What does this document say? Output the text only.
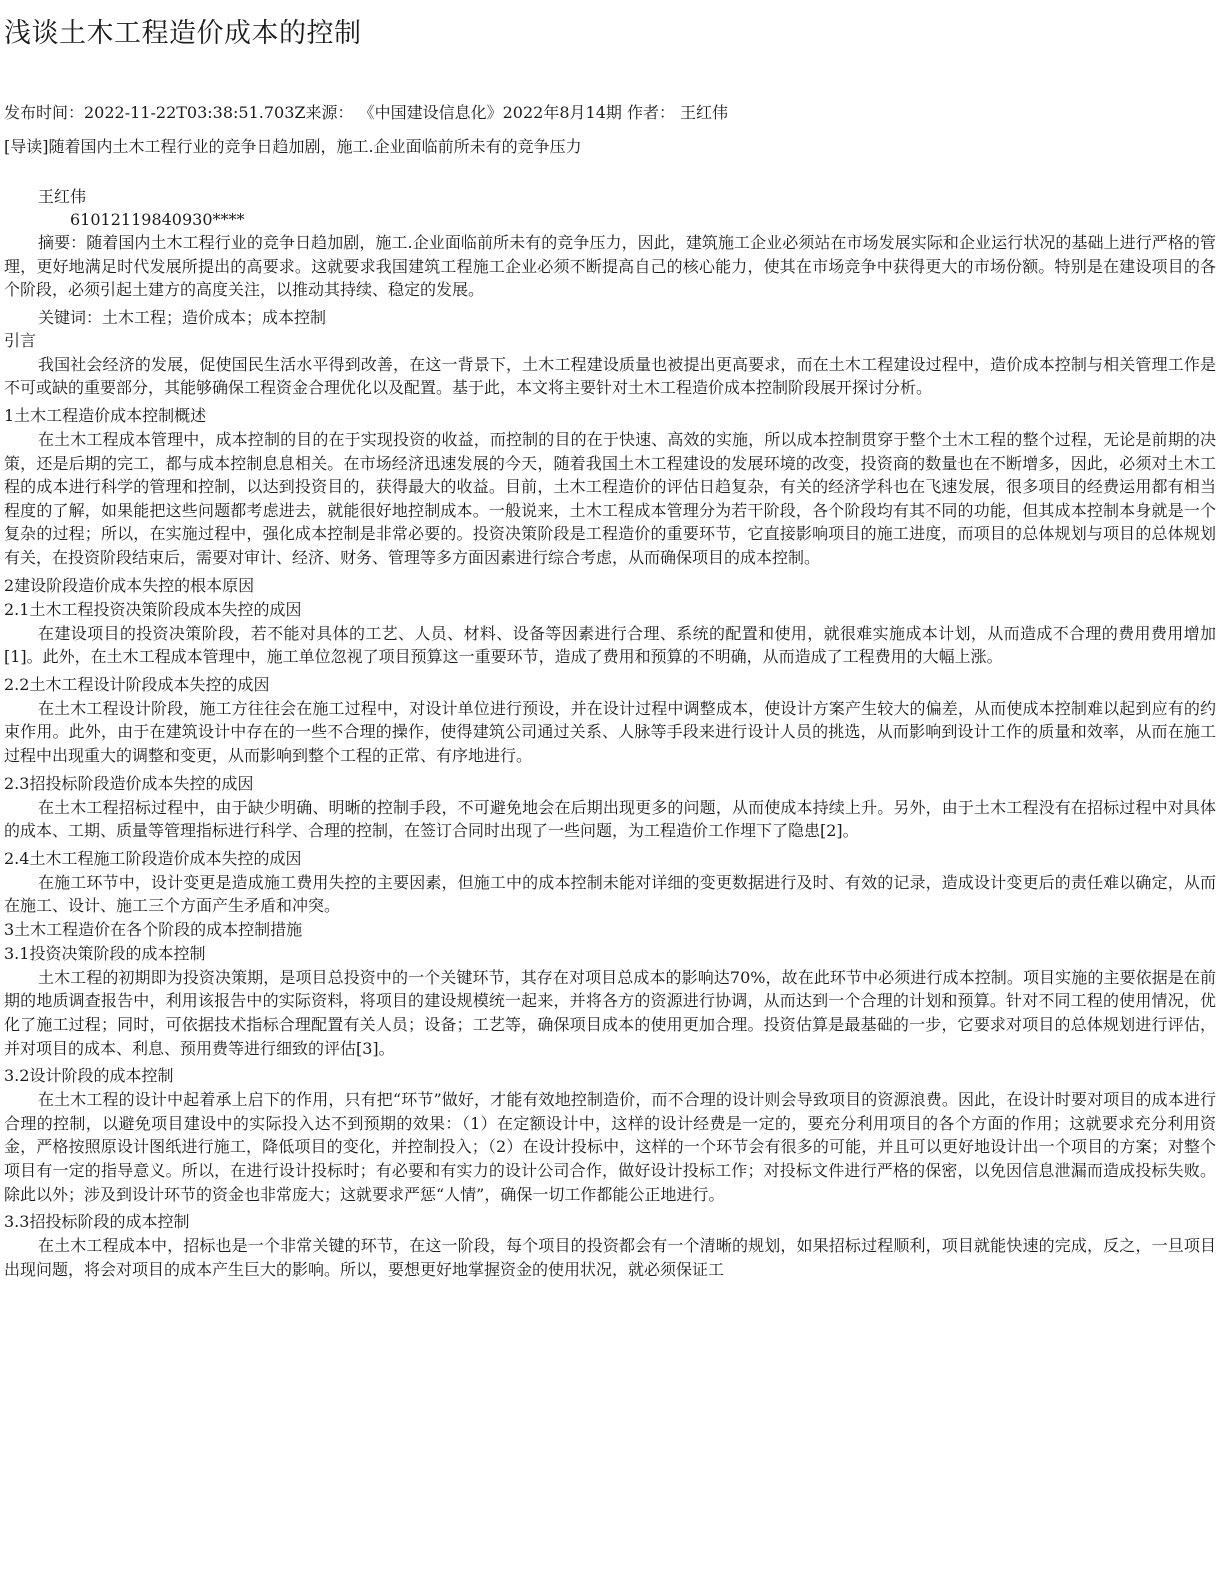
浅谈土木工程造价成本的控制
发布时间：2022-11-22T03:38:51.703Z来源： 《中国建设信息化》2022年8月14期 作者： 王红伟
[导读]随着国内土木工程行业的竞争日趋加剧，施工.企业面临前所未有的竞争压力
王红伟
61012119840930****

摘要：随着国内土木工程行业的竞争日趋加剧，施工.企业面临前所未有的竞争压力，因此，建筑施工企业必须站在市场发展实际和企业运行状况的基础上进行严格的管理，更好地满足时代发展所提出的高要求。这就要求我国建筑工程施工企业必须不断提高自己的核心能力，使其在市场竞争中获得更大的市场份额。特别是在建设项目的各个阶段，必须引起土建方的高度关注，以推动其持续、稳定的发展。

关键词：土木工程；造价成本；成本控制

引言

我国社会经济的发展，促使国民生活水平得到改善，在这一背景下，土木工程建设质量也被提出更高要求，而在土木工程建设过程中，造价成本控制与相关管理工作是不可或缺的重要部分，其能够确保工程资金合理优化以及配置。基于此，本文将主要针对土木工程造价成本控制阶段展开探讨分析。

1土木工程造价成本控制概述

在土木工程成本管理中，成本控制的目的在于实现投资的收益，而控制的目的在于快速、高效的实施，所以成本控制贯穿于整个土木工程的整个过程，无论是前期的决策，还是后期的完工，都与成本控制息息相关。在市场经济迅速发展的今天，随着我国土木工程建设的发展环境的改变，投资商的数量也在不断增多，因此，必须对土木工程的成本进行科学的管理和控制，以达到投资目的，获得最大的收益。目前，土木工程造价的评估日趋复杂，有关的经济学科也在飞速发展，很多项目的经费运用都有相当程度的了解，如果能把这些问题都考虑进去，就能很好地控制成本。一般说来，土木工程成本管理分为若干阶段，各个阶段均有其不同的功能，但其成本控制本身就是一个复杂的过程；所以，在实施过程中，强化成本控制是非常必要的。投资决策阶段是工程造价的重要环节，它直接影响项目的施工进度，而项目的总体规划与项目的总体规划有关，在投资阶段结束后，需要对审计、经济、财务、管理等多方面因素进行综合考虑，从而确保项目的成本控制。

2建设阶段造价成本失控的根本原因
2.1土木工程投资决策阶段成本失控的成因

在建设项目的投资决策阶段，若不能对具体的工艺、人员、材料、设备等因素进行合理、系统的配置和使用，就很难实施成本计划，从而造成不合理的费用费用增加[1]。此外，在土木工程成本管理中，施工单位忽视了项目预算这一重要环节，造成了费用和预算的不明确，从而造成了工程费用的大幅上涨。

2.2土木工程设计阶段成本失控的成因

在土木工程设计阶段，施工方往往会在施工过程中，对设计单位进行预设，并在设计过程中调整成本，使设计方案产生较大的偏差，从而使成本控制难以起到应有的约束作用。此外，由于在建筑设计中存在的一些不合理的操作，使得建筑公司通过关系、人脉等手段来进行设计人员的挑选，从而影响到设计工作的质量和效率，从而在施工过程中出现重大的调整和变更，从而影响到整个工程的正常、有序地进行。

2.3招投标阶段造价成本失控的成因

在土木工程招标过程中，由于缺少明确、明晰的控制手段，不可避免地会在后期出现更多的问题，从而使成本持续上升。另外，由于土木工程没有在招标过程中对具体的成本、工期、质量等管理指标进行科学、合理的控制，在签订合同时出现了一些问题，为工程造价工作埋下了隐患[2]。

2.4土木工程施工阶段造价成本失控的成因

在施工环节中，设计变更是造成施工费用失控的主要因素，但施工中的成本控制未能对详细的变更数据进行及时、有效的记录，造成设计变更后的责任难以确定，从而在施工、设计、施工三个方面产生矛盾和冲突。

3土木工程造价在各个阶段的成本控制措施
3.1投资决策阶段的成本控制

土木工程的初期即为投资决策期，是项目总投资中的一个关键环节，其存在对项目总成本的影响达70%，故在此环节中必须进行成本控制。项目实施的主要依据是在前期的地质调查报告中，利用该报告中的实际资料，将项目的建设规模统一起来，并将各方的资源进行协调，从而达到一个合理的计划和预算。针对不同工程的使用情况，优化了施工过程；同时，可依据技术指标合理配置有关人员；设备；工艺等，确保项目成本的使用更加合理。投资估算是最基础的一步，它要求对项目的总体规划进行评估，并对项目的成本、利息、预用费等进行细致的评估[3]。

3.2设计阶段的成本控制

在土木工程的设计中起着承上启下的作用，只有把“环节”做好，才能有效地控制造价，而不合理的设计则会导致项目的资源浪费。因此，在设计时要对项目的成本进行合理的控制，以避免项目建设中的实际投入达不到预期的效果：（1）在定额设计中，这样的设计经费是一定的，要充分利用项目的各个方面的作用；这就要求充分利用资金，严格按照原设计图纸进行施工，降低项目的变化，并控制投入；（2）在设计投标中，这样的一个环节会有很多的可能，并且可以更好地设计出一个项目的方案；对整个项目有一定的指导意义。所以，在进行设计投标时；有必要和有实力的设计公司合作，做好设计投标工作；对投标文件进行严格的保密，以免因信息泄漏而造成投标失败。除此以外；涉及到设计环节的资金也非常庞大；这就要求严惩“人情”，确保一切工作都能公正地进行。

3.3招投标阶段的成本控制

在土木工程成本中，招标也是一个非常关键的环节，在这一阶段，每个项目的投资都会有一个清晰的规划，如果招标过程顺利，项目就能快速的完成，反之，一旦项目出现问题，将会对项目的成本产生巨大的影响。所以，要想更好地掌握资金的使用状况，就必须保证工
